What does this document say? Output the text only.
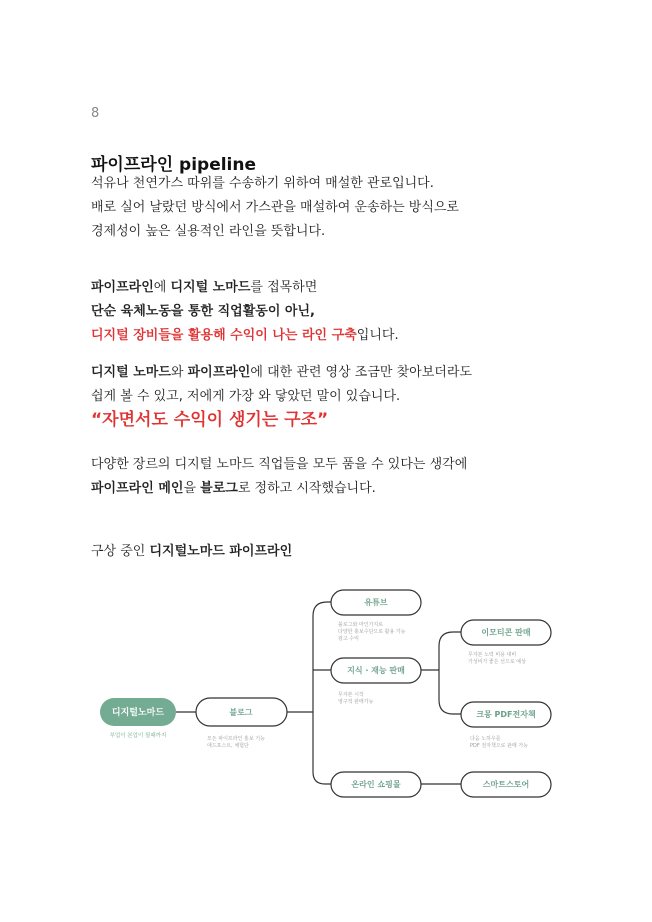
8
파이프라인 pipeline
석유나 천연가스 따위를 수송하기 위하여 매설한 관로입니다.
배로 실어 날랐던 방식에서 가스관을 매설하여 운송하는 방식으로
경제성이 높은 실용적인 라인을 뜻합니다.
파이프라인에 디지털 노마드를 접목하면
단순 육체노동을 통한 직업활동이 아닌,
디지털 장비들을 활용해 수익이 나는 라인 구축입니다.
디지털 노마드와 파이프라인에 대한 관련 영상 조금만 찾아보더라도
쉽게 볼 수 있고, 저에게 가장 와 닿았던 말이 있습니다.
“자면서도 수익이 생기는 구조”
다양한 장르의 디지털 노마드 직업들을 모두 품을 수 있다는 생각에
파이프라인 메인을 블로그로 정하고 시작했습니다.
구상 중인 디지털노마드 파이프라인
디지털노마드
부업이 본업이 될때까지
블로그
모든 파이프라인 홍보 기능
애드포스트, 체험단
유튜브
블로그와 마인가지로
다양한 홍보수단으로 활용 가능
광고 수익
지식 · 재능 판매
무자본 시작
영구적 판매가능
이모티콘 판매
무자본 노력 비용 대비
가성비가 좋은 선으로 예상
크몽 PDF전자책
다음 노하우를
PDF 전자책으로 판매 가능
온라인 쇼핑몰	스마트스토어
